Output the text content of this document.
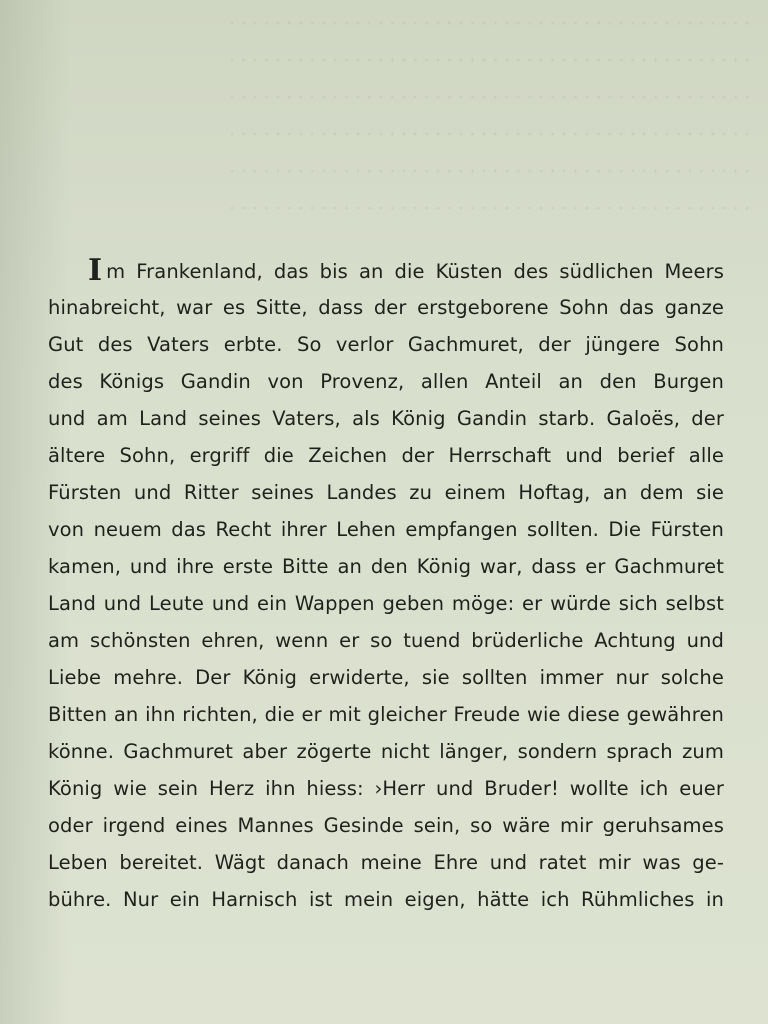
. . . . . . . . . . . . . . . . . . . . . . . . . . . . . . . . . . . . . . . . . . . . . .
. . . . . . . . . . . . . . . . . . . . . . . . . . . . . . . . . . . . . . . . . . . . . .
. . . . . . . . . . . . . . . . . . . . . . . . . . . . . . . . . . . . . . . . . . . . . .
. . . . . . . . . . . . . . . . . . . . . . . . . . . . . . . . . . . . . . . . . . . . . .
. . . . . . . . . . . . . . . . . . . . . . . . . . . . . . . . . . . . . . . . . . . . . .
. . . . . . . . . . . . . . . . . . . . . . . . . . . . . . . . . . . . . . . . . . . . . .
Im Frankenland, das bis an die Küsten des südlichen Meers
hinabreicht, war es Sitte, dass der erstgeborene Sohn das ganze
Gut des Vaters erbte. So verlor Gachmuret, der jüngere Sohn
des Königs Gandin von Provenz, allen Anteil an den Burgen
und am Land seines Vaters, als König Gandin starb. Galoës, der
ältere Sohn, ergriff die Zeichen der Herrschaft und berief alle
Fürsten und Ritter seines Landes zu einem Hoftag, an dem sie
von neuem das Recht ihrer Lehen empfangen sollten. Die Fürsten
kamen, und ihre erste Bitte an den König war, dass er Gachmuret
Land und Leute und ein Wappen geben möge: er würde sich selbst
am schönsten ehren, wenn er so tuend brüderliche Achtung und
Liebe mehre. Der König erwiderte, sie sollten immer nur solche
Bitten an ihn richten, die er mit gleicher Freude wie diese gewähren
könne. Gachmuret aber zögerte nicht länger, sondern sprach zum
König wie sein Herz ihn hiess: ›Herr und Bruder! wollte ich euer
oder irgend eines Mannes Gesinde sein, so wäre mir geruhsames
Leben bereitet. Wägt danach meine Ehre und ratet mir was ge-
bühre. Nur ein Harnisch ist mein eigen, hätte ich Rühmliches in
